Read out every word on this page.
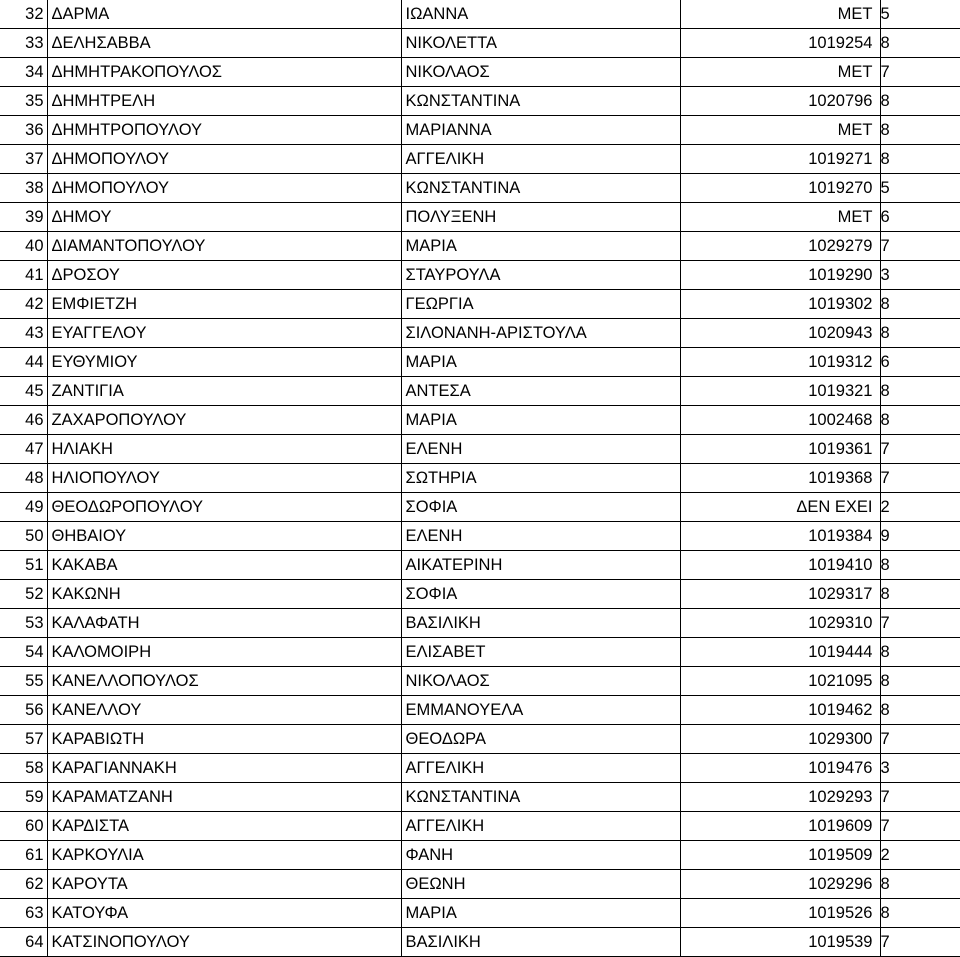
32	ΔΑΡΜΑ	ΙΩΑΝΝΑ	ΜΕΤ	5
33	ΔΕΛΗΣΑΒΒΑ	ΝΙΚΟΛΕΤΤΑ	1019254	8
34	ΔΗΜΗΤΡΑΚΟΠΟΥΛΟΣ	ΝΙΚΟΛΑΟΣ	ΜΕΤ	7
35	ΔΗΜΗΤΡΕΛΗ	ΚΩΝΣΤΑΝΤΙΝΑ	1020796	8
36	ΔΗΜΗΤΡΟΠΟΥΛΟΥ	ΜΑΡΙΑΝΝΑ	ΜΕΤ	8
37	ΔΗΜΟΠΟΥΛΟΥ	ΑΓΓΕΛΙΚΗ	1019271	8
38	ΔΗΜΟΠΟΥΛΟΥ	ΚΩΝΣΤΑΝΤΙΝΑ	1019270	5
39	ΔΗΜΟΥ	ΠΟΛΥΞΕΝΗ	ΜΕΤ	6
40	ΔΙΑΜΑΝΤΟΠΟΥΛΟΥ	ΜΑΡΙΑ	1029279	7
41	ΔΡΟΣΟΥ	ΣΤΑΥΡΟΥΛΑ	1019290	3
42	ΕΜΦΙΕΤΖΗ	ΓΕΩΡΓΙΑ	1019302	8
43	ΕΥΑΓΓΕΛΟΥ	ΣΙΛΟΝΑΝΗ-ΑΡΙΣΤΟΥΛΑ	1020943	8
44	ΕΥΘΥΜΙΟΥ	ΜΑΡΙΑ	1019312	6
45	ΖΑΝΤΙΓΙΑ	ΑΝΤΕΣΑ	1019321	8
46	ΖΑΧΑΡΟΠΟΥΛΟΥ	ΜΑΡΙΑ	1002468	8
47	ΗΛΙΑΚΗ	ΕΛΕΝΗ	1019361	7
48	ΗΛΙΟΠΟΥΛΟΥ	ΣΩΤΗΡΙΑ	1019368	7
49	ΘΕΟΔΩΡΟΠΟΥΛΟΥ	ΣΟΦΙΑ	ΔΕΝ ΕΧΕΙ	2
50	ΘΗΒΑΙΟΥ	ΕΛΕΝΗ	1019384	9
51	ΚΑΚΑΒΑ	ΑΙΚΑΤΕΡΙΝΗ	1019410	8
52	ΚΑΚΩΝΗ	ΣΟΦΙΑ	1029317	8
53	ΚΑΛΑΦΑΤΗ	ΒΑΣΙΛΙΚΗ	1029310	7
54	ΚΑΛΟΜΟΙΡΗ	ΕΛΙΣΑΒΕΤ	1019444	8
55	ΚΑΝΕΛΛΟΠΟΥΛΟΣ	ΝΙΚΟΛΑΟΣ	1021095	8
56	ΚΑΝΕΛΛΟΥ	ΕΜΜΑΝΟΥΕΛΑ	1019462	8
57	ΚΑΡΑΒΙΩΤΗ	ΘΕΟΔΩΡΑ	1029300	7
58	ΚΑΡΑΓΙΑΝΝΑΚΗ	ΑΓΓΕΛΙΚΗ	1019476	3
59	ΚΑΡΑΜΑΤΖΑΝΗ	ΚΩΝΣΤΑΝΤΙΝΑ	1029293	7
60	ΚΑΡΔΙΣΤΑ	ΑΓΓΕΛΙΚΗ	1019609	7
61	ΚΑΡΚΟΥΛΙΑ	ΦΑΝΗ	1019509	2
62	ΚΑΡΟΥΤΑ	ΘΕΩΝΗ	1029296	8
63	ΚΑΤΟΥΦΑ	ΜΑΡΙΑ	1019526	8
64	ΚΑΤΣΙΝΟΠΟΥΛΟΥ	ΒΑΣΙΛΙΚΗ	1019539	7
